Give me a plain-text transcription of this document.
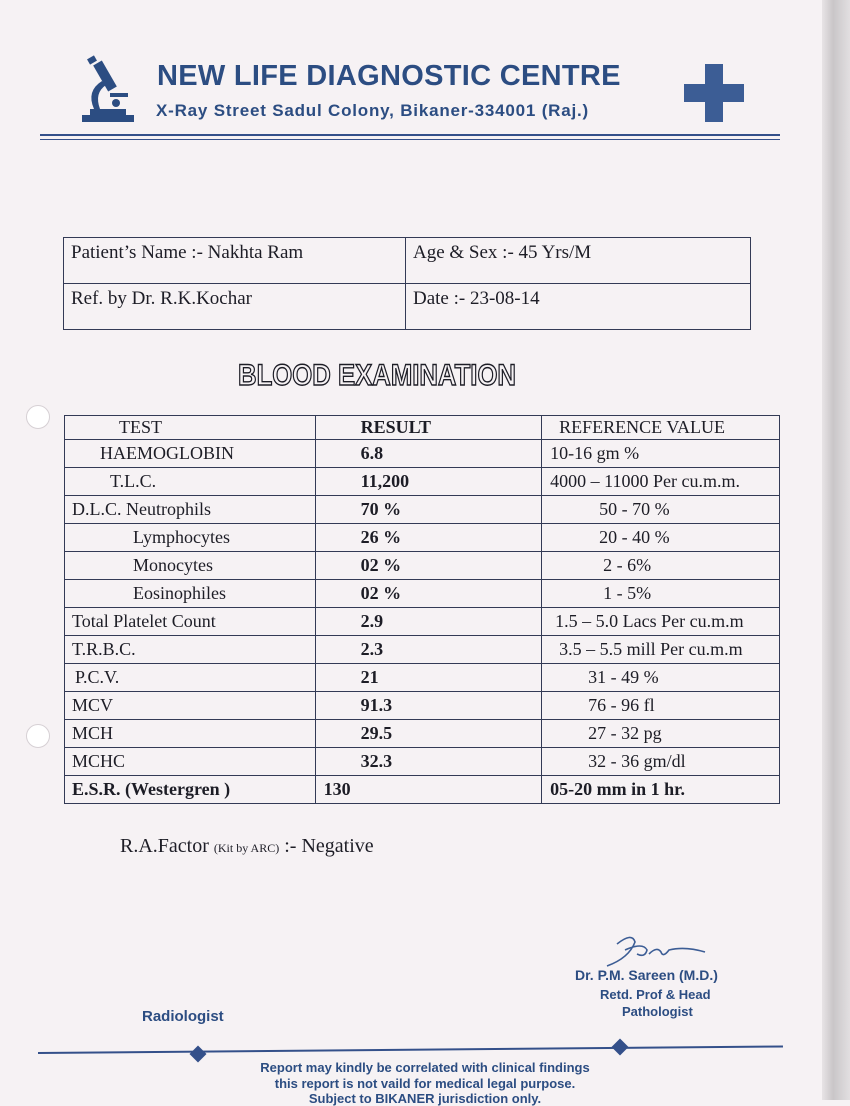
NEW LIFE DIAGNOSTIC CENTRE
X-Ray Street Sadul Colony, Bikaner-334001 (Raj.)
Patient’s Name :- Nakhta Ram	Age & Sex :- 45 Yrs/M
Ref. by Dr. R.K.Kochar	Date :- 23-08-14
BLOOD EXAMINATION
TEST	RESULT	REFERENCE VALUE
HAEMOGLOBIN	6.8	10-16 gm %
T.L.C.	11,200	4000 – 11000 Per cu.m.m.
D.L.C. Neutrophils	70 %	50 - 70 %
Lymphocytes	26 %	20 - 40 %
Monocytes	02 %	2 - 6%
Eosinophiles	02 %	1 - 5%
Total Platelet Count	2.9	1.5 – 5.0 Lacs Per cu.m.m
T.R.B.C.	2.3	3.5 – 5.5 mill Per cu.m.m
P.C.V.	21	31 - 49 %
MCV	91.3	76 - 96 fl
MCH	29.5	27 - 32 pg
MCHC	32.3	32 - 36 gm/dl
E.S.R. (Westergren )	130	05-20 mm in 1 hr.
R.A.Factor (Kit by ARC) :- Negative
Dr. P.M. Sareen (M.D.)
Retd. Prof & Head
Pathologist
Radiologist
Report may kindly be correlated with clinical findings
this report is not vaild for medical legal purpose.
Subject to BIKANER jurisdiction only.
